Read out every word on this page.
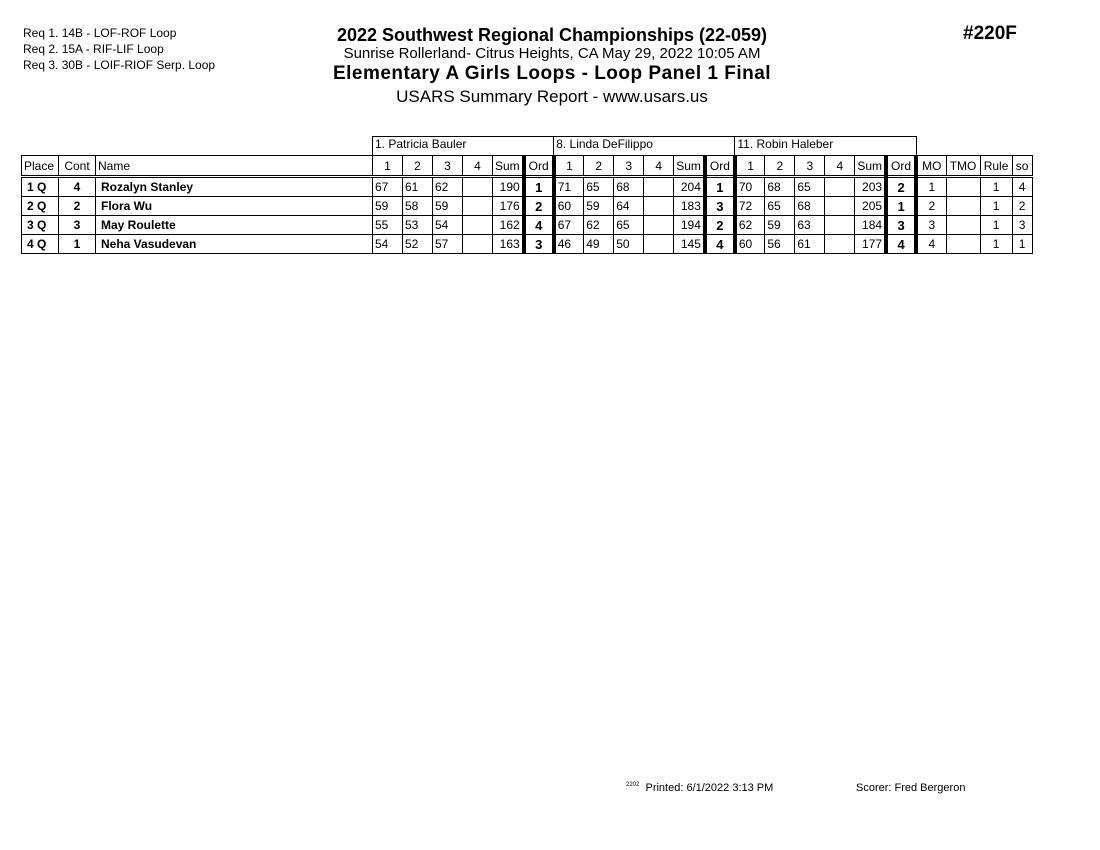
Req 1. 14B - LOF-ROF Loop
Req 2. 15A - RIF-LIF Loop
Req 3. 30B - LOIF-RIOF Serp. Loop
2022 Southwest Regional Championships (22-059)
Sunrise Rollerland- Citrus Heights, CA May 29, 2022 10:05 AM
Elementary A Girls Loops - Loop Panel 1 Final
USARS Summary Report - www.usars.us
#220F
			1. Patricia Bauler						8. Linda DeFilippo						11. Robin Haleber									
Place	Cont	Name	1	2	3	4	Sum	Ord	1	2	3	4	Sum	Ord	1	2	3	4	Sum	Ord	MO	TMO	Rule	so
1 Q	4	Rozalyn Stanley	67	61	62		190	1	71	65	68		204	1	70	68	65		203	2	1		1	4
2 Q	2	Flora Wu	59	58	59		176	2	60	59	64		183	3	72	65	68		205	1	2		1	2
3 Q	3	May Roulette	55	53	54		162	4	67	62	65		194	2	62	59	63		184	3	3		1	3
4 Q	1	Neha Vasudevan	54	52	57		163	3	46	49	50		145	4	60	56	61		177	4	4		1	1
$^{2202}$ Printed: 6/1/2022 3:13 PM	Scorer: Fred Bergeron
